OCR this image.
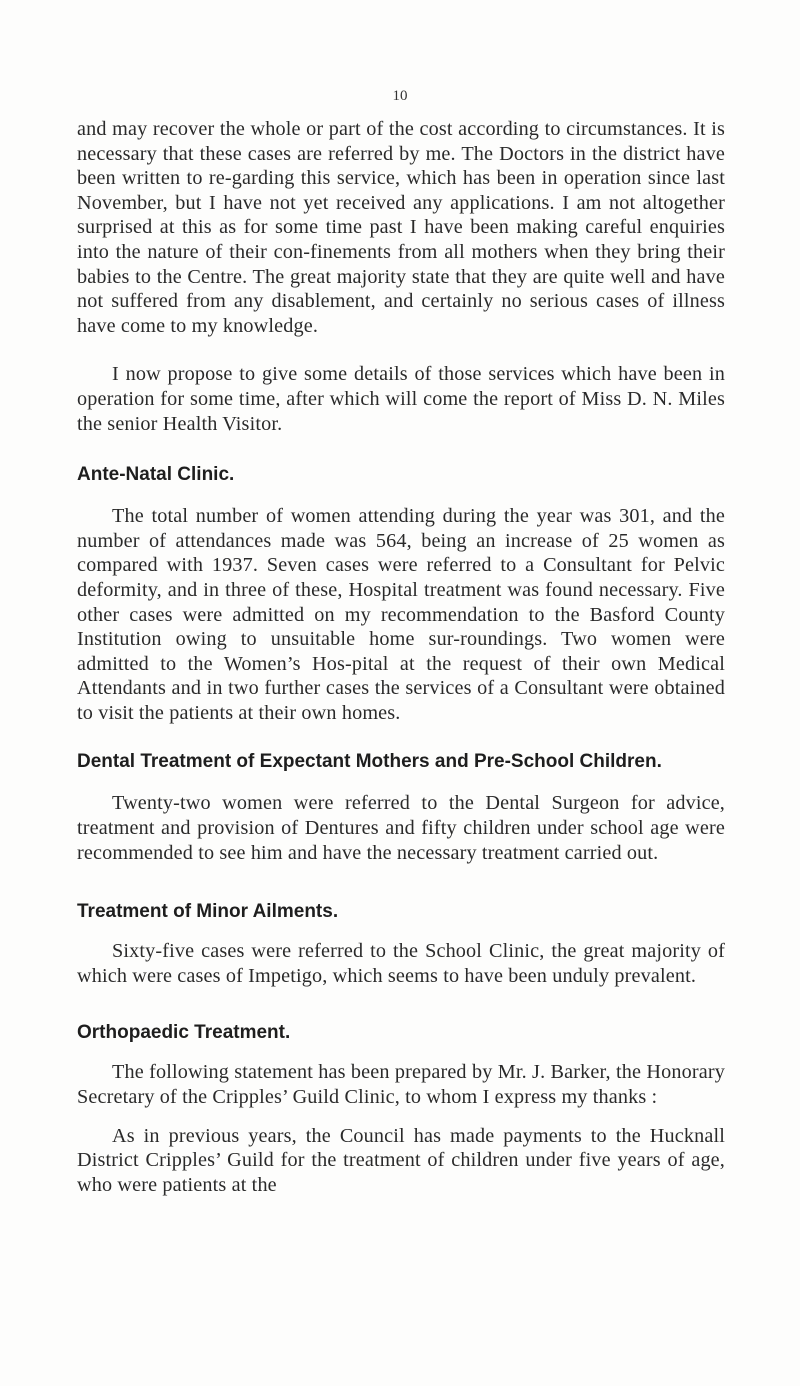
10

and may recover the whole or part of the cost according to circumstances. It is necessary that these cases are referred by me. The Doctors in the district have been written to re-garding this service, which has been in operation since last November, but I have not yet received any applications. I am not altogether surprised at this as for some time past I have been making careful enquiries into the nature of their con-finements from all mothers when they bring their babies to the Centre. The great majority state that they are quite well and have not suffered from any disablement, and certainly no serious cases of illness have come to my knowledge.

I now propose to give some details of those services which have been in operation for some time, after which will come the report of Miss D. N. Miles the senior Health Visitor.

Ante-Natal Clinic.

The total number of women attending during the year was 301, and the number of attendances made was 564, being an increase of 25 women as compared with 1937. Seven cases were referred to a Consultant for Pelvic deformity, and in three of these, Hospital treatment was found necessary. Five other cases were admitted on my recommendation to the Basford County Institution owing to unsuitable home sur-roundings. Two women were admitted to the Women’s Hos-pital at the request of their own Medical Attendants and in two further cases the services of a Consultant were obtained to visit the patients at their own homes.

Dental Treatment of Expectant Mothers and Pre-School Children.

Twenty-two women were referred to the Dental Surgeon for advice, treatment and provision of Dentures and fifty children under school age were recommended to see him and have the necessary treatment carried out.

Treatment of Minor Ailments.

Sixty-five cases were referred to the School Clinic, the great majority of which were cases of Impetigo, which seems to have been unduly prevalent.

Orthopaedic Treatment.

The following statement has been prepared by Mr. J. Barker, the Honorary Secretary of the Cripples’ Guild Clinic, to whom I express my thanks :

As in previous years, the Council has made payments to the Hucknall District Cripples’ Guild for the treatment of children under five years of age, who were patients at the
